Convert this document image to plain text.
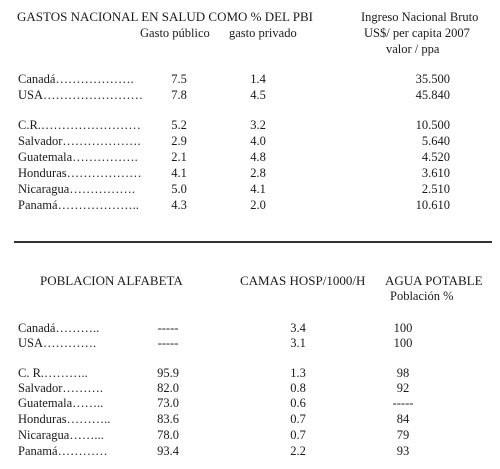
GASTOS NACIONAL EN SALUD COMO % DEL PBI
Gasto público gasto privado
Ingreso Nacional Bruto
US$/ per capita 2007
valor / ppa
Canadá……………….	7.5	1.4	35.500
USA……………………	7.8	4.5	45.840
C.R.……………………	5.2	3.2	10.500
Salvador……………….	2.9	4.0	5.640
Guatemala…………….	2.1	4.8	4.520
Honduras………………	4.1	2.8	3.610
Nicaragua…………….	5.0	4.1	2.510
Panamá………………..	4.3	2.0	10.610
POBLACION ALFABETA	CAMAS HOSP/1000/H AGUA POTABLE
Población %
Canadá………..	-----	3.4	100
USA………….	-----	3.1	100
C. R.………..	95.9	1.3	98
Salvador……….	82.0	0.8	92
Guatemala……..	73.0	0.6	-----
Honduras………..	83.6	0.7	84
Nicaragua……...	78.0	0.7	79
Panamá…………	93.4	2.2	93
